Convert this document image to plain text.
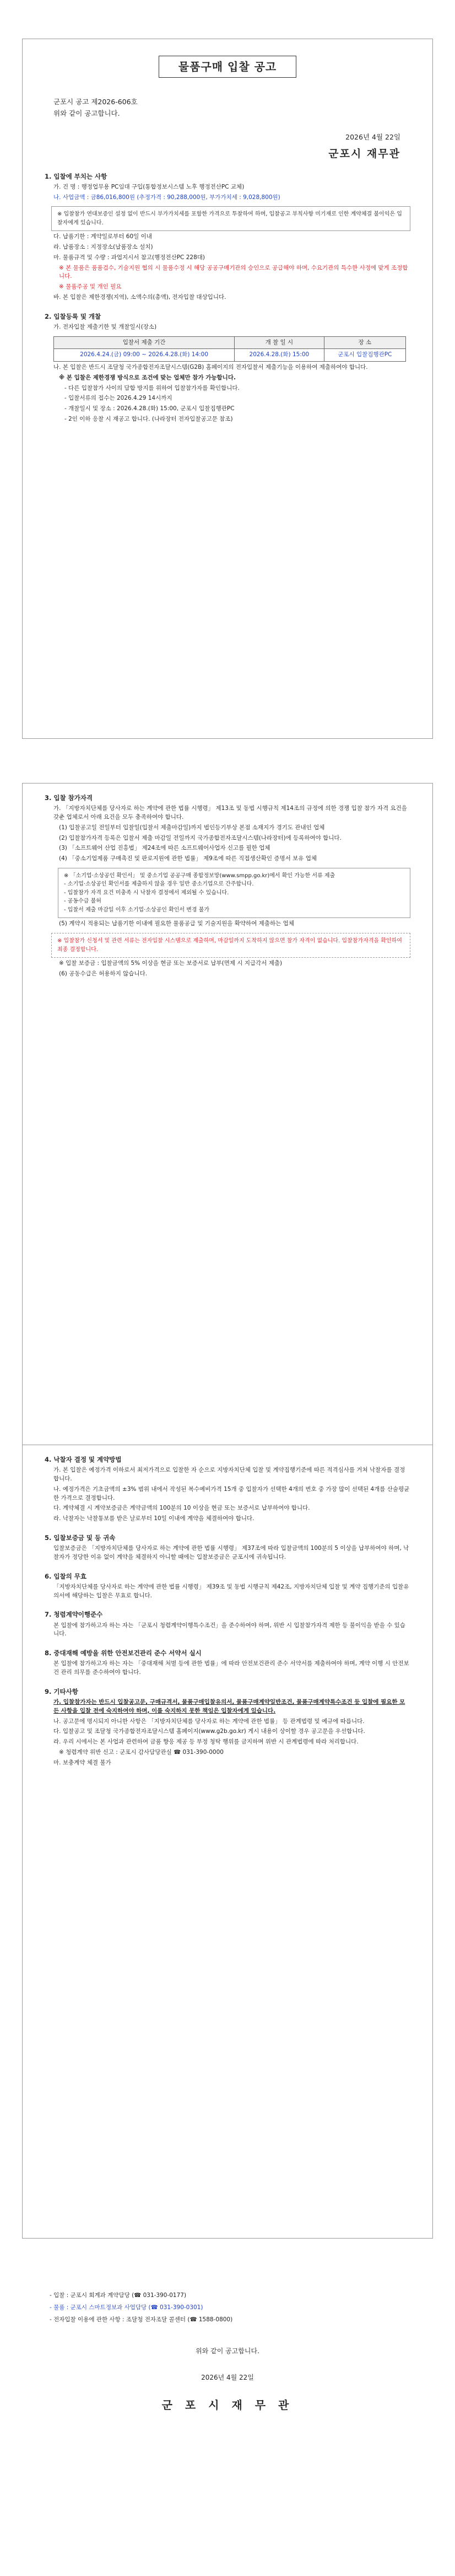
물품구매 입찰 공고
군포시 공고 제2026-606호
위와 같이 공고합니다.
2026년 4월 22일
군포시 재무관
1. 입찰에 부치는 사항
가. 건 명 : 행정업무용 PC임대 구입(통합정보시스템 노후 행정전산PC 교체)
나. 사업금액 : 금86,016,800원 (추정가격 : 90,288,000원, 부가가치세 : 9,028,800원)
※ 입찰참가 연대보증인 설정 없이 반드시 부가가치세를 포함한 가격으로 투찰하여 하며, 입찰공고 부칙사항 미기재로 인한 계약체결 불이익은 입찰자에게 있습니다.
다. 납품기한 : 계약일로부터 60일 이내
라. 납품장소 : 지정장소(납품장소 설치)
마. 물품규격 및 수량 : 과업지시서 참고(행정전산PC 228대)
※ 본 물품은 품품검수, 기술지원 협의 시 물품수정 시 해당 공공구매기관의 승인으로 공급해야 하며, 수요기관의 특수한 사정에 맞게 조정합니다.
※ 물품주공 및 개인 필요
바. 본 입찰은 제한경쟁(지역), 소액수의(총액), 전자입찰 대상입니다.
2. 입찰등록 및 개찰
가. 전자입찰 제출기한 및 개찰일시(장소)
입찰서 제출 기간	개 찰 일 시	장 소
2026.4.24.(금) 09:00 ~ 2026.4.28.(화) 14:00	2026.4.28.(화) 15:00	군포시 입찰집행관PC
나. 본 입찰은 반드시 조달청 국가종합전자조달시스템(G2B) 홈페이지의 전자입찰서 제출기능을 이용하여 제출하여야 합니다.
※ 본 입찰은 제한경쟁 방식으로 조건에 맞는 업체만 참가 가능합니다.
- 다른 입찰참가 사이의 담합 방지를 위하여 입찰참가자를 확인합니다.
- 입찰서류의 접수는 2026.4.29 14시까지
- 개찰일시 및 장소 : 2026.4.28.(화) 15:00, 군포시 입찰집행관PC
- 2인 이하 응찰 시 재공고 합니다. (나라장터 전자입찰공고문 참조)
3. 입찰 참가자격
가. 「지방자치단체를 당사자로 하는 계약에 관한 법률 시행령」 제13조 및 동법 시행규칙 제14조의 규정에 의한 경쟁 입찰 참가 자격 요건을 갖춘 업체로서 아래 요건을 모두 충족하여야 합니다.
(1) 입찰공고일 전일부터 입찰일(입찰서 제출마감일)까지 법인등기부상 본점 소재지가 경기도 관내인 업체
(2) 입찰참가자격 등록은 입찰서 제출 마감일 전일까지 국가종합전자조달시스템(나라장터)에 등록하여야 합니다.
(3) 「소프트웨어 산업 진흥법」 제24조에 따른 소프트웨어사업자 신고를 필한 업체
(4) 「중소기업제품 구매촉진 및 판로지원에 관한 법률」 제9조에 따른 직접생산확인 증명서 보유 업체
※ 「소기업·소상공인 확인서」 및 중소기업 공공구매 종합정보망(www.smpp.go.kr)에서 확인 가능한 서류 제출
- 소기업·소상공인 확인서를 제출하지 않을 경우 일반 중소기업으로 간주합니다.
- 입찰참가 자격 요건 미충족 시 낙찰자 결정에서 제외될 수 있습니다.
- 공동수급 불허
- 입찰서 제출 마감일 이후 소기업·소상공인 확인서 변경 불가
(5) 계약시 적용되는 납품기한 이내에 필요한 물품공급 및 기술지원을 확약하여 제출하는 업체
※ 입찰참가 신청서 및 관련 서류는 전자입찰 시스템으로 제출하며, 마감일까지 도착하지 않으면 참가 자격이 없습니다. 입찰참가자격을 확인하여 최종 결정합니다.
※ 입찰 보증금 : 입찰금액의 5% 이상을 현금 또는 보증서로 납부(면제 시 지급각서 제출)
(6) 공동수급은 허용하지 않습니다.
4. 낙찰자 결정 및 계약방법
가. 본 입찰은 예정가격 이하로서 최저가격으로 입찰한 자 순으로 지방자치단체 입찰 및 계약집행기준에 따른 적격심사를 거쳐 낙찰자를 결정합니다.
나. 예정가격은 기초금액의 ±3% 범위 내에서 작성된 복수예비가격 15개 중 입찰자가 선택한 4개의 번호 중 가장 많이 선택된 4개를 산술평균한 가격으로 결정합니다.
다. 계약체결 시 계약보증금은 계약금액의 100분의 10 이상을 현금 또는 보증서로 납부하여야 합니다.
라. 낙찰자는 낙찰통보를 받은 날로부터 10일 이내에 계약을 체결하여야 합니다.
5. 입찰보증금 및 등 귀속
입찰보증금은 「지방자치단체를 당사자로 하는 계약에 관한 법률 시행령」 제37조에 따라 입찰금액의 100분의 5 이상을 납부하여야 하며, 낙찰자가 정당한 이유 없이 계약을 체결하지 아니할 때에는 입찰보증금은 군포시에 귀속됩니다.
6. 입찰의 무효
「지방자치단체를 당사자로 하는 계약에 관한 법률 시행령」 제39조 및 동법 시행규칙 제42조, 지방자치단체 입찰 및 계약 집행기준의 입찰유의서에 해당하는 입찰은 무효로 합니다.
7. 청렴계약이행준수
본 입찰에 참가하고자 하는 자는 「군포시 청렴계약이행특수조건」을 준수하여야 하며, 위반 시 입찰참가자격 제한 등 불이익을 받을 수 있습니다.
8. 중대재해 예방을 위한 안전보건관리 준수 서약서 실시
본 입찰에 참가하고자 하는 자는 「중대재해 처벌 등에 관한 법률」에 따라 안전보건관리 준수 서약서를 제출하여야 하며, 계약 이행 시 안전보건 관리 의무를 준수하여야 합니다.
9. 기타사항
가. 입찰참가자는 반드시 입찰공고문, 구매규격서, 물품구매입찰유의서, 물품구매계약일반조건, 물품구매계약특수조건 등 입찰에 필요한 모든 사항을 입찰 전에 숙지하여야 하며, 이를 숙지하지 못한 책임은 입찰자에게 있습니다.
나. 공고문에 명시되지 아니한 사항은 「지방자치단체를 당사자로 하는 계약에 관한 법률」 등 관계법령 및 예규에 따릅니다.
다. 입찰공고 및 조달청 국가종합전자조달시스템 홈페이지(www.g2b.go.kr) 게시 내용이 상이할 경우 공고문을 우선합니다.
라. 우리 시에서는 본 사업과 관련하여 금품 향응 제공 등 부정 청탁 행위를 금지하며 위반 시 관계법령에 따라 처리합니다.
※ 청렴계약 위반 신고 : 군포시 감사담당관실 ☎ 031-390-0000
마. 보충계약 체결 불가
- 입찰 : 군포시 회계과 계약담당 (☎ 031-390-0177)
- 물품 : 군포시 스마트정보과 사업담당 (☎ 031-390-0301)
- 전자입찰 이용에 관한 사항 : 조달청 전자조달 콜센터 (☎ 1588-0800)
위와 같이 공고합니다.
2026년 4월 22일
군 포 시 재 무 관
